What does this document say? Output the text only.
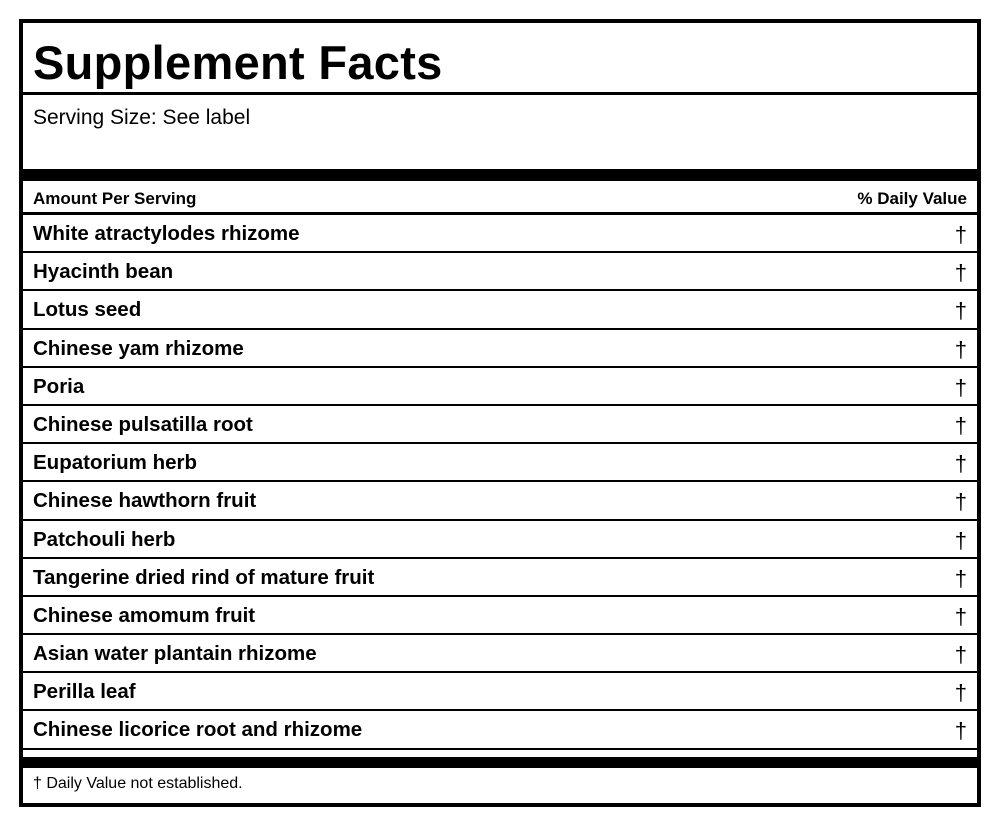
Supplement Facts
Serving Size: See label
Amount Per Serving	% Daily Value
White atractylodes rhizome	†
Hyacinth bean	†
Lotus seed	†
Chinese yam rhizome	†
Poria	†
Chinese pulsatilla root	†
Eupatorium herb	†
Chinese hawthorn fruit	†
Patchouli herb	†
Tangerine dried rind of mature fruit	†
Chinese amomum fruit	†
Asian water plantain rhizome	†
Perilla leaf	†
Chinese licorice root and rhizome	†
† Daily Value not established.
